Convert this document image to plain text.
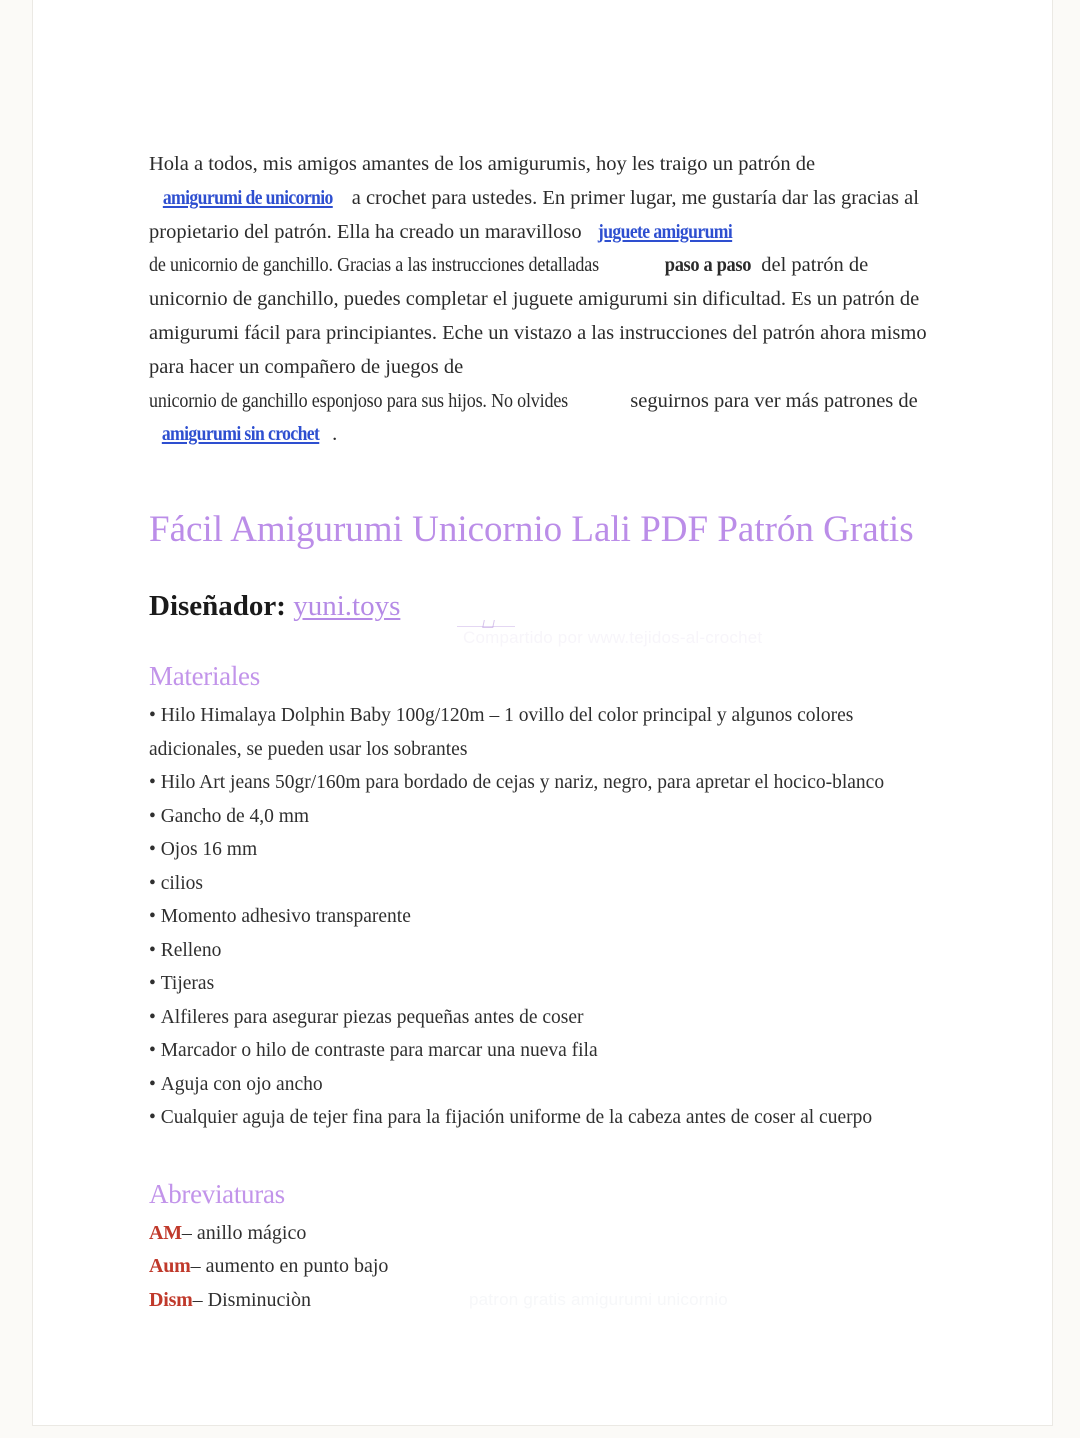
Compartido por www.tejidos-al-crochet
patron gratis amigurumi unicornio

Hola a todos, mis amigos amantes de los amigurumis, hoy les traigo un patrón de amigurumi de unicornio a crochet para ustedes. En primer lugar, me gustaría dar las gracias al propietario del patrón. Ella ha creado un maravilloso juguete amigurumide unicornio de ganchillo. Gracias a las instrucciones detalladas	paso a paso del patrón de unicornio de ganchillo, puedes completar el juguete amigurumi sin dificultad. Es un patrón de amigurumi fácil para principiantes. Eche un vistazo a las instrucciones del patrón ahora mismo para hacer un compañero de juegos de unicornio de ganchillo esponjoso para sus hijos. No olvides	seguirnos para ver más patrones de amigurumi sin crochet .

Fácil Amigurumi Unicornio Lali PDF Patrón Gratis

Diseñador: yuni.toys

Materiales
• Hilo Himalaya Dolphin Baby 100g/120m – 1 ovillo del color principal y algunos colores adicionales, se pueden usar los sobrantes
• Hilo Art jeans 50gr/160m para bordado de cejas y nariz, negro, para apretar el hocico-blanco
• Gancho de 4,0 mm
• Ojos 16 mm
• cilios
• Momento adhesivo transparente
• Relleno
• Tijeras
• Alfileres para asegurar piezas pequeñas antes de coser
• Marcador o hilo de contraste para marcar una nueva fila
• Aguja con ojo ancho
• Cualquier aguja de tejer fina para la fijación uniforme de la cabeza antes de coser al cuerpo
Abreviaturas
AM– anillo mágico
Aum– aumento en punto bajo
Dism– Disminuciòn
